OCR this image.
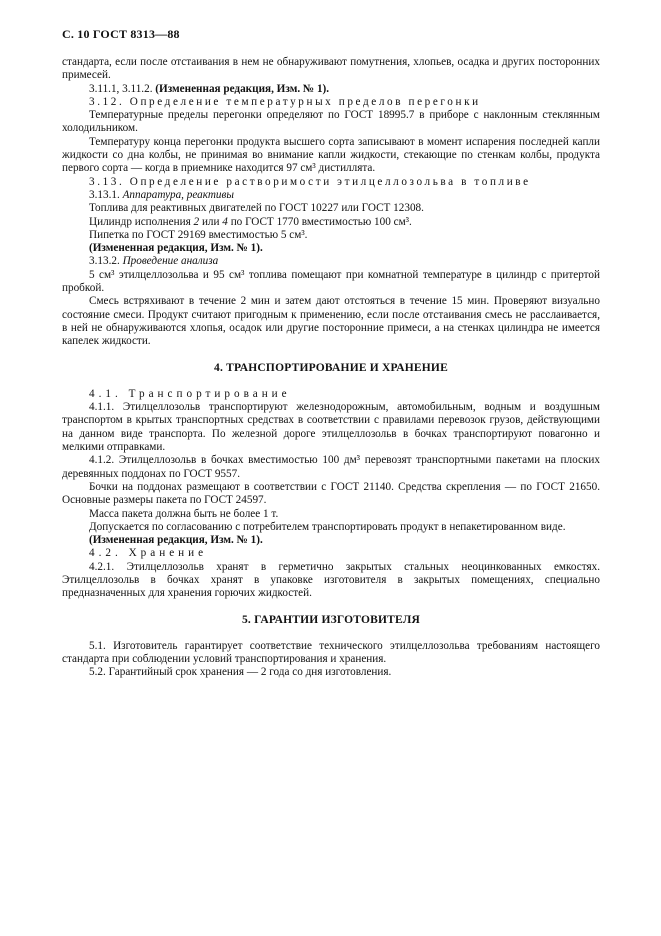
С. 10 ГОСТ 8313—88

стандарта, если после отстаивания в нем не обнаруживают помутнения, хлопьев, осадка и других посторонних примесей.

3.11.1, 3.11.2. (Измененная редакция, Изм. № 1).

3.12. Определение температурных пределов перегонки

Температурные пределы перегонки определяют по ГОСТ 18995.7 в приборе с наклонным стеклянным холодильником.

Температуру конца перегонки продукта высшего сорта записывают в момент испарения последней капли жидкости со дна колбы, не принимая во внимание капли жидкости, стекающие по стенкам колбы, продукта первого сорта — когда в приемнике находится 97 см³ дистиллята.

3.13. Определение растворимости этилцеллозольва в топливе

3.13.1. Аппаратура, реактивы

Топлива для реактивных двигателей по ГОСТ 10227 или ГОСТ 12308.

Цилиндр исполнения 2 или 4 по ГОСТ 1770 вместимостью 100 см³.

Пипетка по ГОСТ 29169 вместимостью 5 см³.

(Измененная редакция, Изм. № 1).

3.13.2. Проведение анализа

5 см³ этилцеллозольва и 95 см³ топлива помещают при комнатной температуре в цилиндр с притертой пробкой.

Смесь встряхивают в течение 2 мин и затем дают отстояться в течение 15 мин. Проверяют визуально состояние смеси. Продукт считают пригодным к применению, если после отстаивания смесь не расслаивается, в ней не обнаруживаются хлопья, осадок или другие посторонние примеси, а на стенках цилиндра не имеется капелек жидкости.

4. ТРАНСПОРТИРОВАНИЕ И ХРАНЕНИЕ

4.1. Транспортирование

4.1.1. Этилцеллозольв транспортируют железнодорожным, автомобильным, водным и воздушным транспортом в крытых транспортных средствах в соответствии с правилами перевозок грузов, действующими на данном виде транспорта. По железной дороге этилцеллозольв в бочках транспортируют повагонно и мелкими отправками.

4.1.2. Этилцеллозольв в бочках вместимостью 100 дм³ перевозят транспортными пакетами на плоских деревянных поддонах по ГОСТ 9557.

Бочки на поддонах размещают в соответствии с ГОСТ 21140. Средства скрепления — по ГОСТ 21650. Основные размеры пакета по ГОСТ 24597.

Масса пакета должна быть не более 1 т.

Допускается по согласованию с потребителем транспортировать продукт в непакетированном виде.

(Измененная редакция, Изм. № 1).

4.2. Хранение

4.2.1. Этилцеллозольв хранят в герметично закрытых стальных неоцинкованных емкостях. Этилцеллозольв в бочках хранят в упаковке изготовителя в закрытых помещениях, специально предназначенных для хранения горючих жидкостей.

5. ГАРАНТИИ ИЗГОТОВИТЕЛЯ

5.1. Изготовитель гарантирует соответствие технического этилцеллозольва требованиям настоящего стандарта при соблюдении условий транспортирования и хранения.

5.2. Гарантийный срок хранения — 2 года со дня изготовления.
